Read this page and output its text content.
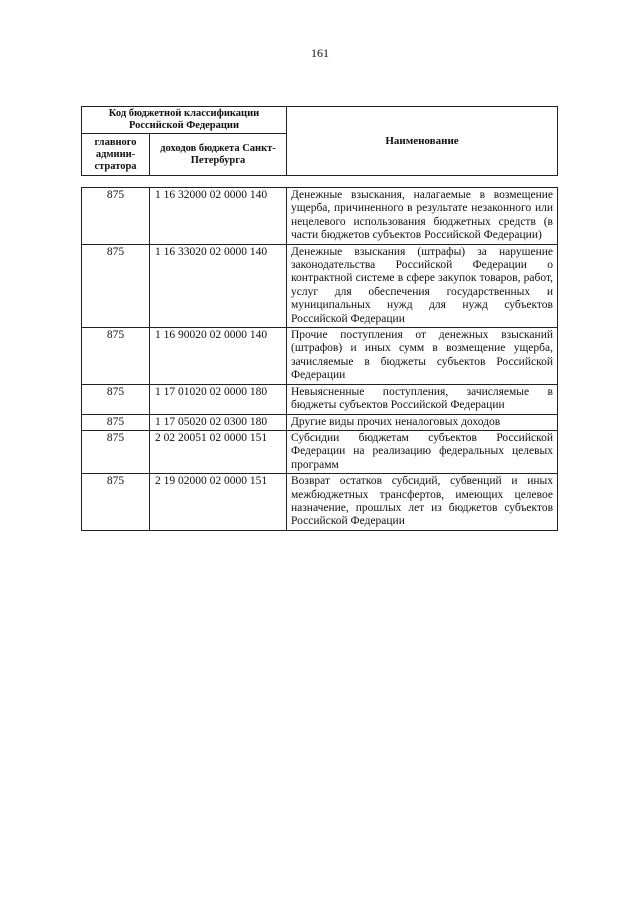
161
Код бюджетной классификации Российской Федерации		Наименование
главного админи-стратора	доходов бюджета Санкт-Петербурга	
875	1 16 32000 02 0000 140	Денежные взыскания, налагаемые в возмещение ущерба, причиненного в результате незаконного или нецелевого использования бюджетных средств (в части бюджетов субъектов Российской Федерации)
875	1 16 33020 02 0000 140	Денежные взыскания (штрафы) за нарушение законодательства Российской Федерации о контрактной системе в сфере закупок товаров, работ, услуг для обеспечения государственных и муниципальных нужд для нужд субъектов Российской Федерации
875	1 16 90020 02 0000 140	Прочие поступления от денежных взысканий (штрафов) и иных сумм в возмещение ущерба, зачисляемые в бюджеты субъектов Российской Федерации
875	1 17 01020 02 0000 180	Невыясненные поступления, зачисляемые в бюджеты субъектов Российской Федерации
875	1 17 05020 02 0300 180	Другие виды прочих неналоговых доходов
875	2 02 20051 02 0000 151	Субсидии бюджетам субъектов Российской Федерации на реализацию федеральных целевых программ
875	2 19 02000 02 0000 151	Возврат остатков субсидий, субвенций и иных межбюджетных трансфертов, имеющих целевое назначение, прошлых лет из бюджетов субъектов Российской Федерации
